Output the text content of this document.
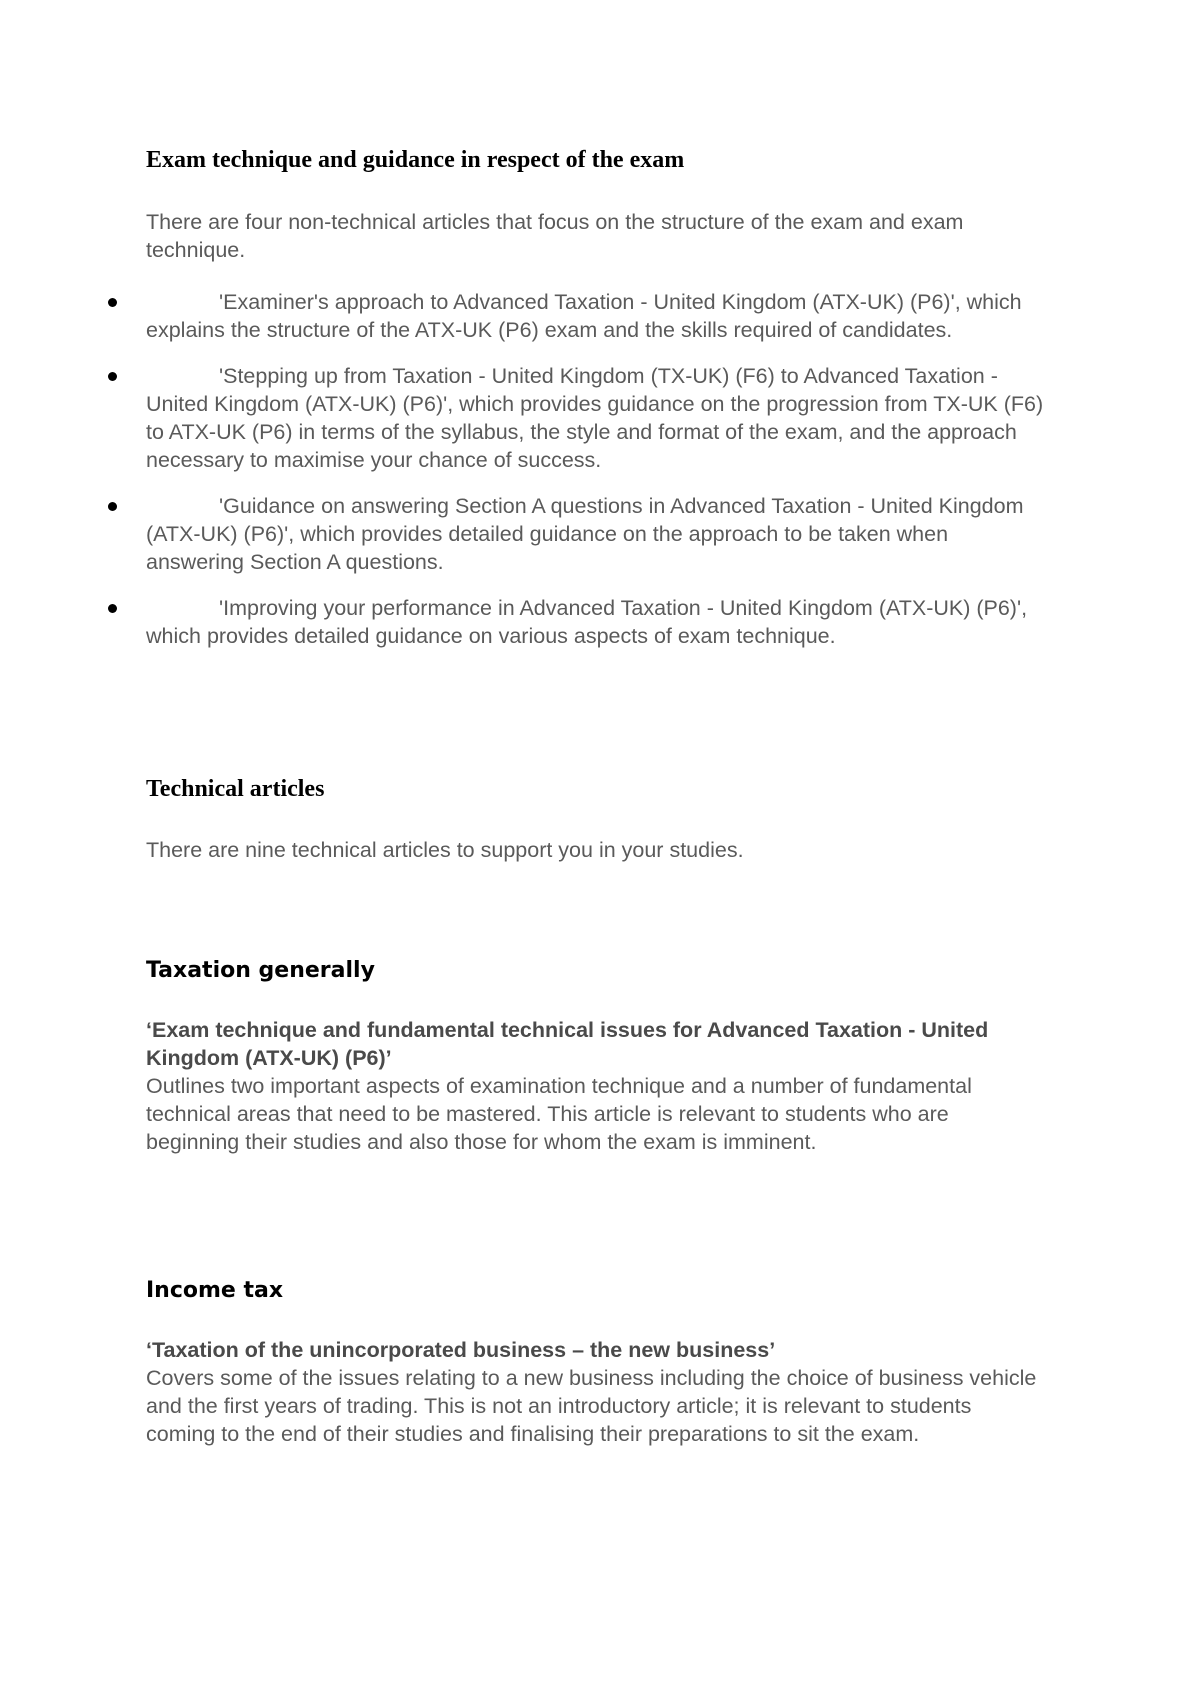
Exam technique and guidance in respect of the exam

There are four non-technical articles that focus on the structure of the exam and exam technique.

'Examiner's approach to Advanced Taxation - United Kingdom (ATX-UK) (P6)', which explains the structure of the ATX-UK (P6) exam and the skills required of candidates.
'Stepping up from Taxation - United Kingdom (TX-UK) (F6) to Advanced Taxation - United Kingdom (ATX-UK) (P6)', which provides guidance on the progression from TX-UK (F6) to ATX-UK (P6) in terms of the syllabus, the style and format of the exam, and the approach necessary to maximise your chance of success.
'Guidance on answering Section A questions in Advanced Taxation - United Kingdom (ATX-UK) (P6)', which provides detailed guidance on the approach to be taken when answering Section A questions.
'Improving your performance in Advanced Taxation - United Kingdom (ATX-UK) (P6)', which provides detailed guidance on various aspects of exam technique.
Technical articles

There are nine technical articles to support you in your studies.

Taxation generally

‘Exam technique and fundamental technical issues for Advanced Taxation - United Kingdom (ATX-UK) (P6)’

Outlines two important aspects of examination technique and a number of fundamental technical areas that need to be mastered. This article is relevant to students who are beginning their studies and also those for whom the exam is imminent.

Income tax

‘Taxation of the unincorporated business – the new business’

Covers some of the issues relating to a new business including the choice of business vehicle and the first years of trading. This is not an introductory article; it is relevant to students coming to the end of their studies and finalising their preparations to sit the exam.
